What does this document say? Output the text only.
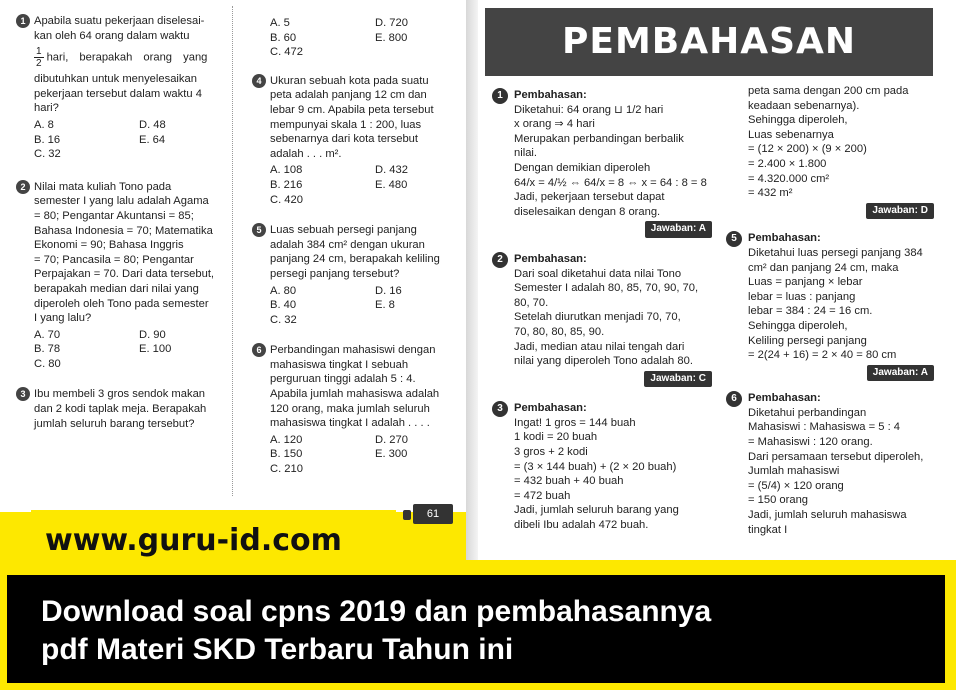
1 Apabila suatu pekerjaan diselesai-
kan oleh 64 orang dalam waktu
$\frac{1}{2}$ hari, berapakah orang yang
dibutuhkan untuk menyelesaikan
pekerjaan tersebut dalam waktu 4
hari?
A. 8	D. 48
B. 16	E. 64
C. 32
2 Nilai mata kuliah Tono pada
semester I yang lalu adalah Agama
= 80; Pengantar Akuntansi = 85;
Bahasa Indonesia = 70; Matematika
Ekonomi = 90; Bahasa Inggris
= 70; Pancasila = 80; Pengantar
Perpajakan = 70. Dari data tersebut,
berapakah median dari nilai yang
diperoleh oleh Tono pada semester
I yang lalu?
A. 70	D. 90
B. 78	E. 100
C. 80
3 Ibu membeli 3 gros sendok makan
dan 2 kodi taplak meja. Berapakah
jumlah seluruh barang tersebut?
A. 5	D. 720
B. 60	E. 800
C. 472
4 Ukuran sebuah kota pada suatu
peta adalah panjang 12 cm dan
lebar 9 cm. Apabila peta tersebut
mempunyai skala 1 : 200, luas
sebenarnya dari kota tersebut
adalah . . . m².
A. 108	D. 432
B. 216	E. 480
C. 420
5 Luas sebuah persegi panjang
adalah 384 cm² dengan ukuran
panjang 24 cm, berapakah keliling
persegi panjang tersebut?
A. 80	D. 16
B. 40	E. 8
C. 32
6 Perbandingan mahasiswi dengan
mahasiswa tingkat I sebuah
perguruan tinggi adalah 5 : 4.
Apabila jumlah mahasiswa adalah
120 orang, maka jumlah seluruh
mahasiswa tingkat I adalah . . . .
A. 120	D. 270
B. 150	E. 300
C. 210
1	Pembahasan:
Diketahui: 64 orang ⊔ 1/2 hari
x orang ⇒ 4 hari
Merupakan perbandingan berbalik
nilai.
Dengan demikian diperoleh
64/x = 4/½ ⇔ 64/x = 8 ⇔ x = 64 : 8 = 8
Jadi, pekerjaan tersebut dapat
diselesaikan dengan 8 orang.
Jawaban: A
2	Pembahasan:
Dari soal diketahui data nilai Tono
Semester I adalah 80, 85, 70, 90, 70,
80, 70.
Setelah diurutkan menjadi 70, 70,
70, 80, 80, 85, 90.
Jadi, median atau nilai tengah dari
nilai yang diperoleh Tono adalah 80.
Jawaban: C
3	Pembahasan:
Ingat! 1 gros = 144 buah
1 kodi = 20 buah
3 gros + 2 kodi
= (3 × 144 buah) + (2 × 20 buah)
= 432 buah + 40 buah
= 472 buah
Jadi, jumlah seluruh barang yang
dibeli Ibu adalah 472 buah.
peta sama dengan 200 cm pada
keadaan sebenarnya).
Sehingga diperoleh,
Luas sebenarnya
= (12 × 200) × (9 × 200)
= 2.400 × 1.800
= 4.320.000 cm²
= 432 m²
Jawaban: D
5	Pembahasan:
Diketahui luas persegi panjang 384
cm² dan panjang 24 cm, maka
Luas = panjang × lebar
lebar = luas : panjang
lebar = 384 : 24 = 16 cm.
Sehingga diperoleh,
Keliling persegi panjang
= 2(24 + 16) = 2 × 40 = 80 cm
Jawaban: A
6	Pembahasan:
Diketahui perbandingan
Mahasiswi : Mahasiswa = 5 : 4
= Mahasiswi : 120 orang.
Dari persamaan tersebut diperoleh,
Jumlah mahasiswi
= (5/4) × 120 orang
= 150 orang
Jadi, jumlah seluruh mahasiswa
tingkat I
PEMBAHASAN
61
www.guru-id.com
Download soal cpns 2019 dan pembahasannya
pdf Materi SKD Terbaru Tahun ini
